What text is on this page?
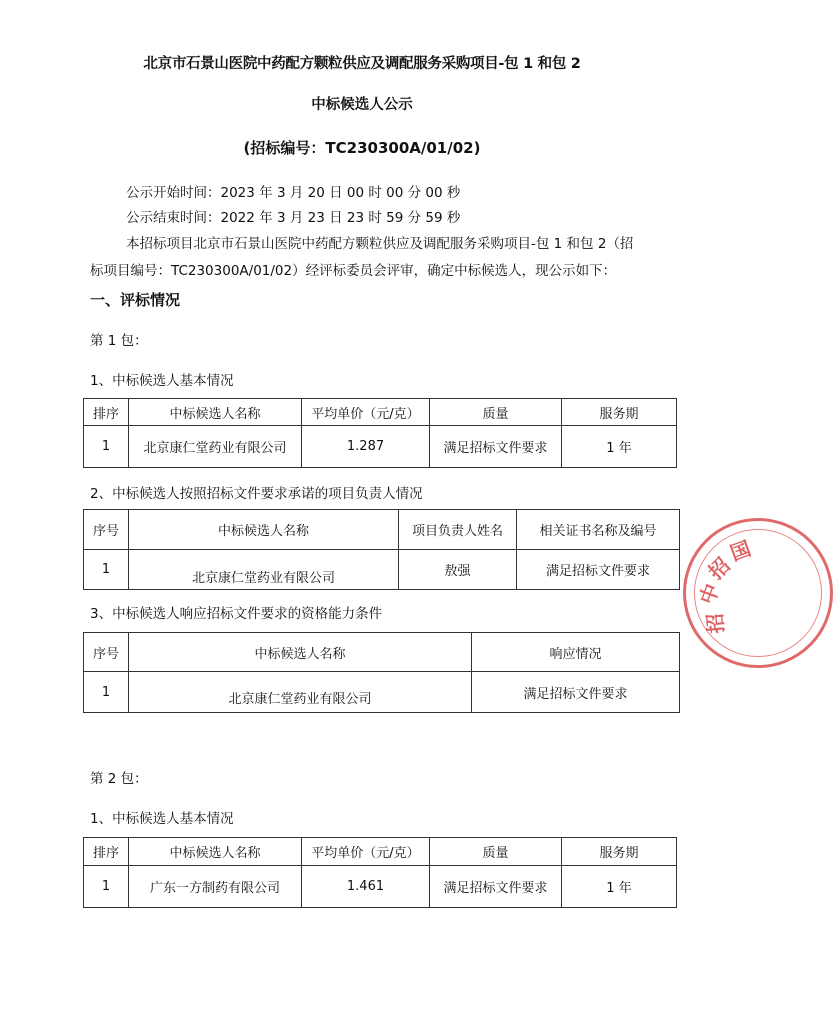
北京市石景山医院中药配方颗粒供应及调配服务采购项目-包 1 和包 2
中标候选人公示
(招标编号：TC230300A/01/02)
公示开始时间：2023 年 3 月 20 日 00 时 00 分 00 秒
公示结束时间：2022 年 3 月 23 日 23 时 59 分 59 秒
本招标项目北京市石景山医院中药配方颗粒供应及调配服务采购项目-包 1 和包 2（招
标项目编号：TC230300A/01/02）经评标委员会评审，确定中标候选人，现公示如下：
一、评标情况
第 1 包：
1、中标候选人基本情况
排序	中标候选人名称	平均单价（元/克）	质量	服务期
1	北京康仁堂药业有限公司	1.287	满足招标文件要求	1 年
2、中标候选人按照招标文件要求承诺的项目负责人情况
序号	中标候选人名称	项目负责人姓名	相关证书名称及编号
1	北京康仁堂药业有限公司	敖强	满足招标文件要求
3、中标候选人响应招标文件要求的资格能力条件
序号	中标候选人名称	响应情况
1	北京康仁堂药业有限公司	满足招标文件要求
第 2 包：
1、中标候选人基本情况
排序	中标候选人名称	平均单价（元/克）	质量	服务期
1	广东一方制药有限公司	1.461	满足招标文件要求	1 年
中
招
国
招
